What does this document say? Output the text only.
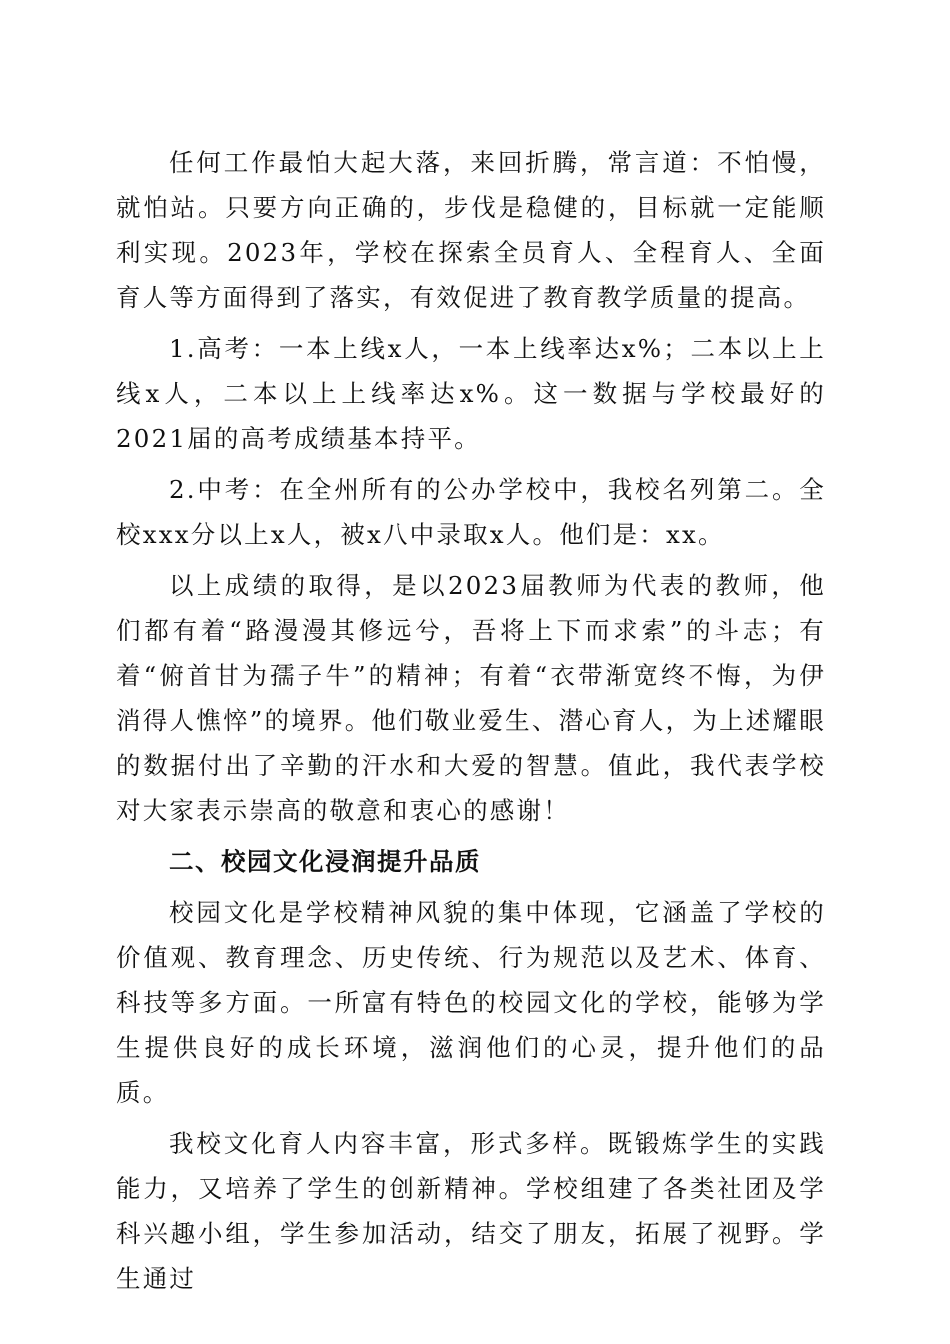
任何工作最怕大起大落，来回折腾，常言道：不怕慢，就怕站。只要方向正确的，步伐是稳健的，目标就一定能顺利实现。2023年，学校在探索全员育人、全程育人、全面育人等方面得到了落实，有效促进了教育教学质量的提高。

1.高考：一本上线x人，一本上线率达x%；二本以上上线x人，二本以上上线率达x%。这一数据与学校最好的2021届的高考成绩基本持平。

2.中考：在全州所有的公办学校中，我校名列第二。全校xxx分以上x人，被x八中录取x人。他们是：xx。

以上成绩的取得，是以2023届教师为代表的教师，他们都有着“路漫漫其修远兮，吾将上下而求索”的斗志；有着“俯首甘为孺子牛”的精神；有着“衣带渐宽终不悔，为伊消得人憔悴”的境界。他们敬业爱生、潜心育人，为上述耀眼的数据付出了辛勤的汗水和大爱的智慧。值此，我代表学校对大家表示崇高的敬意和衷心的感谢！

二、校园文化浸润提升品质

校园文化是学校精神风貌的集中体现，它涵盖了学校的价值观、教育理念、历史传统、行为规范以及艺术、体育、科技等多方面。一所富有特色的校园文化的学校，能够为学生提供良好的成长环境，滋润他们的心灵，提升他们的品质。

我校文化育人内容丰富，形式多样。既锻炼学生的实践能力，又培养了学生的创新精神。学校组建了各类社团及学科兴趣小组，学生参加活动，结交了朋友，拓展了视野。学生通过
